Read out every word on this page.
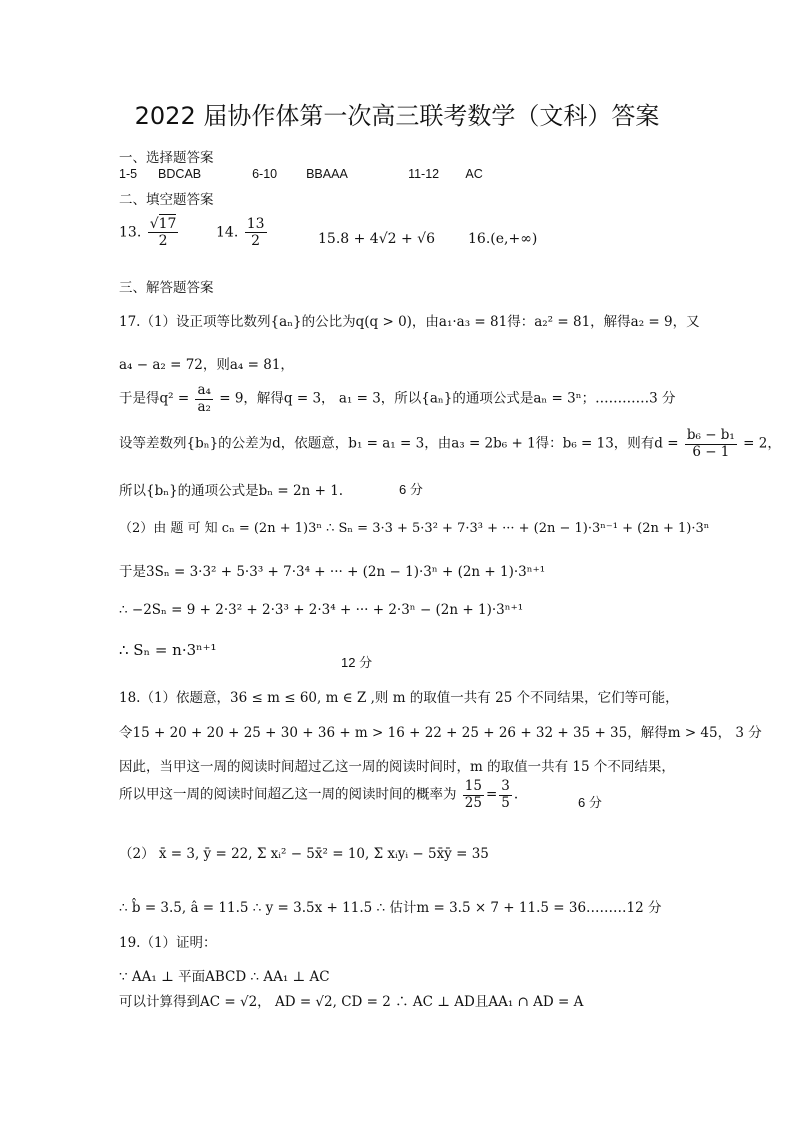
2022 届协作体第一次高三联考数学（文科）答案
一、选择题答案
1-5 BDCAB	6-10 BBAAA	11-12 AC
二、填空题答案
13. $\frac{√17}{2}$	14. $\frac{13}{2}$	15.8 + 4√2 + √6 16.(e,+∞)
三、解答题答案
17.（1）设正项等比数列{aₙ}的公比为q(q > 0)，由a₁·a₃ = 81得：a₂² = 81，解得a₂ = 9，又
a₄ − a₂ = 72，则a₄ = 81，
于是得$q^2 = \frac{\text{a₄}}{\text{a₂}} = 9$，解得q = 3， a₁ = 3，所以{aₙ}的通项公式是aₙ = 3ⁿ；…………3 分
设等差数列{bₙ}的公差为d，依题意，b₁ = a₁ = 3，由a₃ = 2b₆ + 1得：b₆ = 13，则有$d = \frac{\text{b₆ − b₁}}{6 - 1} = 2$，
所以{bₙ}的通项公式是bₙ = 2n + 1.	6 分
（2）由 题 可 知 cₙ = (2n + 1)3ⁿ ∴ Sₙ = 3·3 + 5·3² + 7·3³ + ··· + (2n − 1)·3ⁿ⁻¹ + (2n + 1)·3ⁿ
于是3Sₙ = 3·3² + 5·3³ + 7·3⁴ + ··· + (2n − 1)·3ⁿ + (2n + 1)·3ⁿ⁺¹
∴ −2Sₙ = 9 + 2·3² + 2·3³ + 2·3⁴ + ··· + 2·3ⁿ − (2n + 1)·3ⁿ⁺¹
∴ Sₙ = n·3ⁿ⁺¹
12 分
18.（1）依题意，36 ≤ m ≤ 60, m ∈ Z ,则 m 的取值一共有 25 个不同结果，它们等可能，
令15 + 20 + 20 + 25 + 30 + 36 + m > 16 + 22 + 25 + 26 + 32 + 35 + 35，解得m > 45， 3 分
因此，当甲这一周的阅读时间超过乙这一周的阅读时间时，m 的取值一共有 15 个不同结果，
所以甲这一周的阅读时间超乙这一周的阅读时间的概率为 $\frac{15}{25} = \frac{3}{5}$ .	6 分
（2） x̄ = 3, ȳ = 22, Σ xᵢ² − 5x̄² = 10, Σ xᵢyᵢ − 5x̄ȳ = 35
∴ b̂ = 3.5, â = 11.5 ∴ y = 3.5x + 11.5 ∴ 估计m = 3.5 × 7 + 11.5 = 36………12 分
19.（1）证明：
∵ AA₁ ⊥ 平面ABCD ∴ AA₁ ⊥ AC
可以计算得到AC = √2， AD = √2, CD = 2 ∴ AC ⊥ AD且AA₁ ∩ AD = A
